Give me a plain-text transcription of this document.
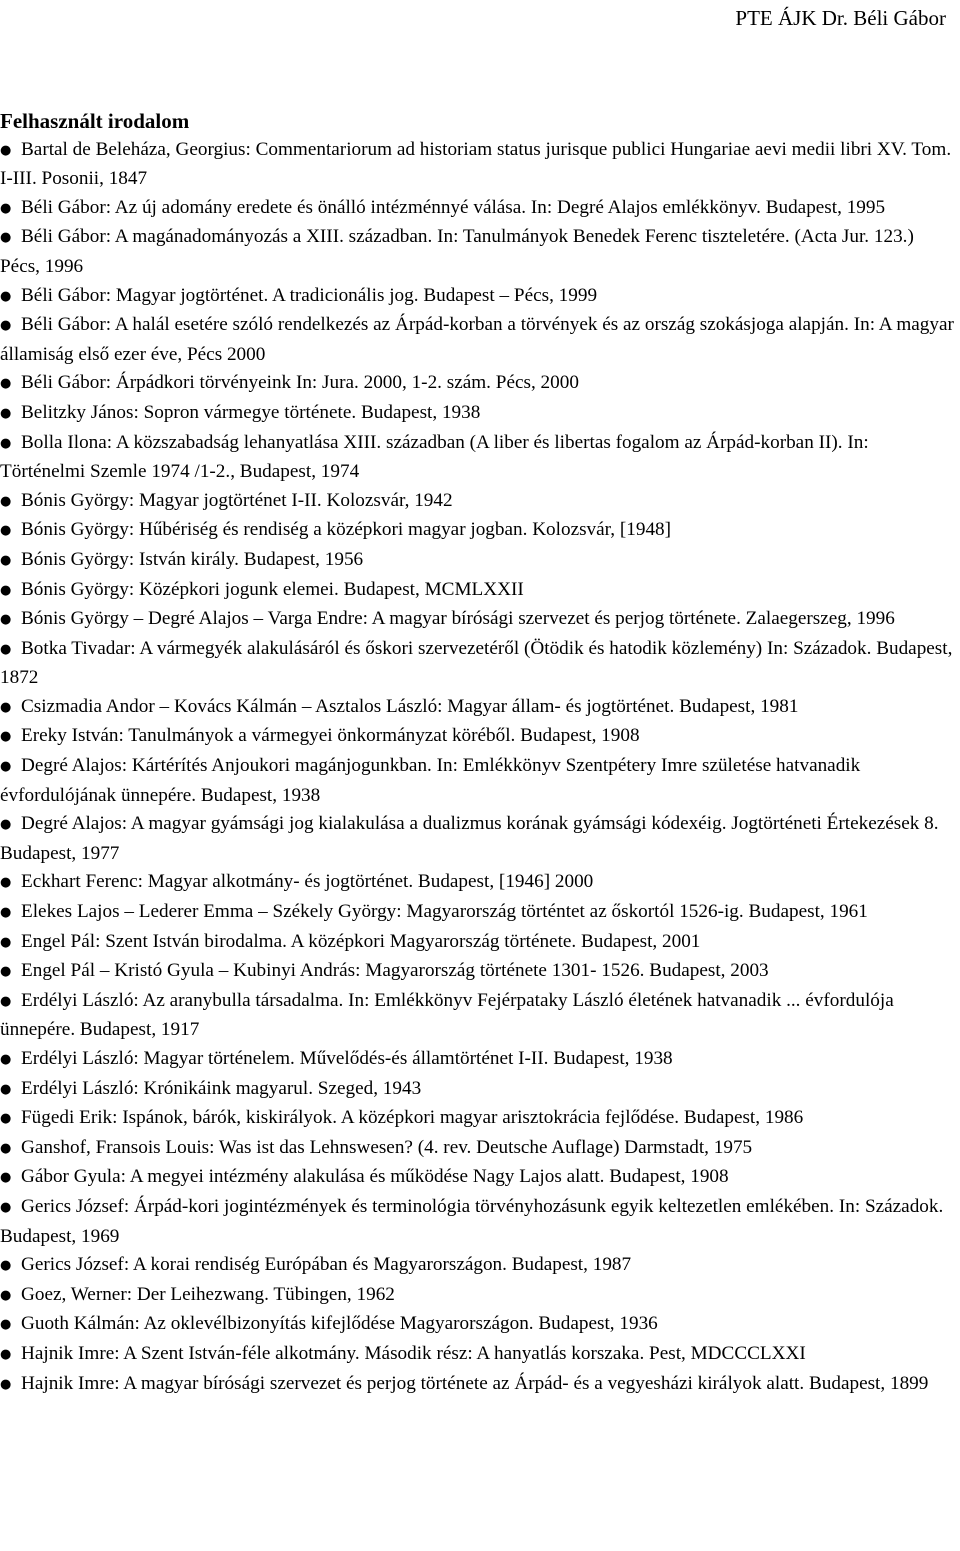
PTE ÁJK Dr. Béli Gábor
Felhasznált irodalom
● Bartal de Beleháza, Georgius: Commentariorum ad historiam status jurisque publici Hungariae aevi medii libri XV. Tom. I-III. Posonii, 1847
● Béli Gábor: Az új adomány eredete és önálló intézménnyé válása. In: Degré Alajos emlékkönyv. Budapest, 1995
● Béli Gábor: A magánadományozás a XIII. században. In: Tanulmányok Benedek Ferenc tiszteletére. (Acta Jur. 123.) Pécs, 1996
● Béli Gábor: Magyar jogtörténet. A tradicionális jog. Budapest – Pécs, 1999
● Béli Gábor: A halál esetére szóló rendelkezés az Árpád-korban a törvények és az ország szokásjoga alapján. In: A magyar államiság első ezer éve, Pécs 2000
● Béli Gábor: Árpádkori törvényeink In: Jura. 2000, 1-2. szám. Pécs, 2000
● Belitzky János: Sopron vármegye története. Budapest, 1938
● Bolla Ilona: A közszabadság lehanyatlása XIII. században (A liber és libertas fogalom az Árpád-korban II). In: Történelmi Szemle 1974 /1-2., Budapest, 1974
● Bónis György: Magyar jogtörténet I-II. Kolozsvár, 1942
● Bónis György: Hűbériség és rendiség a középkori magyar jogban. Kolozsvár, [1948]
● Bónis György: István király. Budapest, 1956
● Bónis György: Középkori jogunk elemei. Budapest, MCMLXXII
● Bónis György – Degré Alajos – Varga Endre: A magyar bírósági szervezet és perjog története. Zalaegerszeg, 1996
● Botka Tivadar: A vármegyék alakulásáról és őskori szervezetéről (Ötödik és hatodik közlemény) In: Századok. Budapest, 1872
● Csizmadia Andor – Kovács Kálmán – Asztalos László: Magyar állam- és jogtörténet. Budapest, 1981
● Ereky István: Tanulmányok a vármegyei önkormányzat köréből. Budapest, 1908
● Degré Alajos: Kártérítés Anjoukori magánjogunkban. In: Emlékkönyv Szentpétery Imre születése hatvanadik évfordulójának ünnepére. Budapest, 1938
● Degré Alajos: A magyar gyámsági jog kialakulása a dualizmus korának gyámsági kódexéig. Jogtörténeti Értekezések 8. Budapest, 1977
● Eckhart Ferenc: Magyar alkotmány- és jogtörténet. Budapest, [1946] 2000
● Elekes Lajos – Lederer Emma – Székely György: Magyarország történtet az őskortól 1526-ig. Budapest, 1961
● Engel Pál: Szent István birodalma. A középkori Magyarország története. Budapest, 2001
● Engel Pál – Kristó Gyula – Kubinyi András: Magyarország története 1301- 1526. Budapest, 2003
● Erdélyi László: Az aranybulla társadalma. In: Emlékkönyv Fejérpataky László életének hatvanadik ... évfordulója ünnepére. Budapest, 1917
● Erdélyi László: Magyar történelem. Művelődés-és államtörténet I-II. Budapest, 1938
● Erdélyi László: Krónikáink magyarul. Szeged, 1943
● Fügedi Erik: Ispánok, bárók, kiskirályok. A középkori magyar arisztokrácia fejlődése. Budapest, 1986
● Ganshof, Fransois Louis: Was ist das Lehnswesen? (4. rev. Deutsche Auflage) Darmstadt, 1975
● Gábor Gyula: A megyei intézmény alakulása és működése Nagy Lajos alatt. Budapest, 1908
● Gerics József: Árpád-kori jogintézmények és terminológia törvényhozásunk egyik keltezetlen emlékében. In: Századok. Budapest, 1969
● Gerics József: A korai rendiség Európában és Magyarországon. Budapest, 1987
● Goez, Werner: Der Leihezwang. Tübingen, 1962
● Guoth Kálmán: Az oklevélbizonyítás kifejlődése Magyarországon. Budapest, 1936
● Hajnik Imre: A Szent István-féle alkotmány. Második rész: A hanyatlás korszaka. Pest, MDCCCLXXI
● Hajnik Imre: A magyar bírósági szervezet és perjog története az Árpád- és a vegyesházi királyok alatt. Budapest, 1899
